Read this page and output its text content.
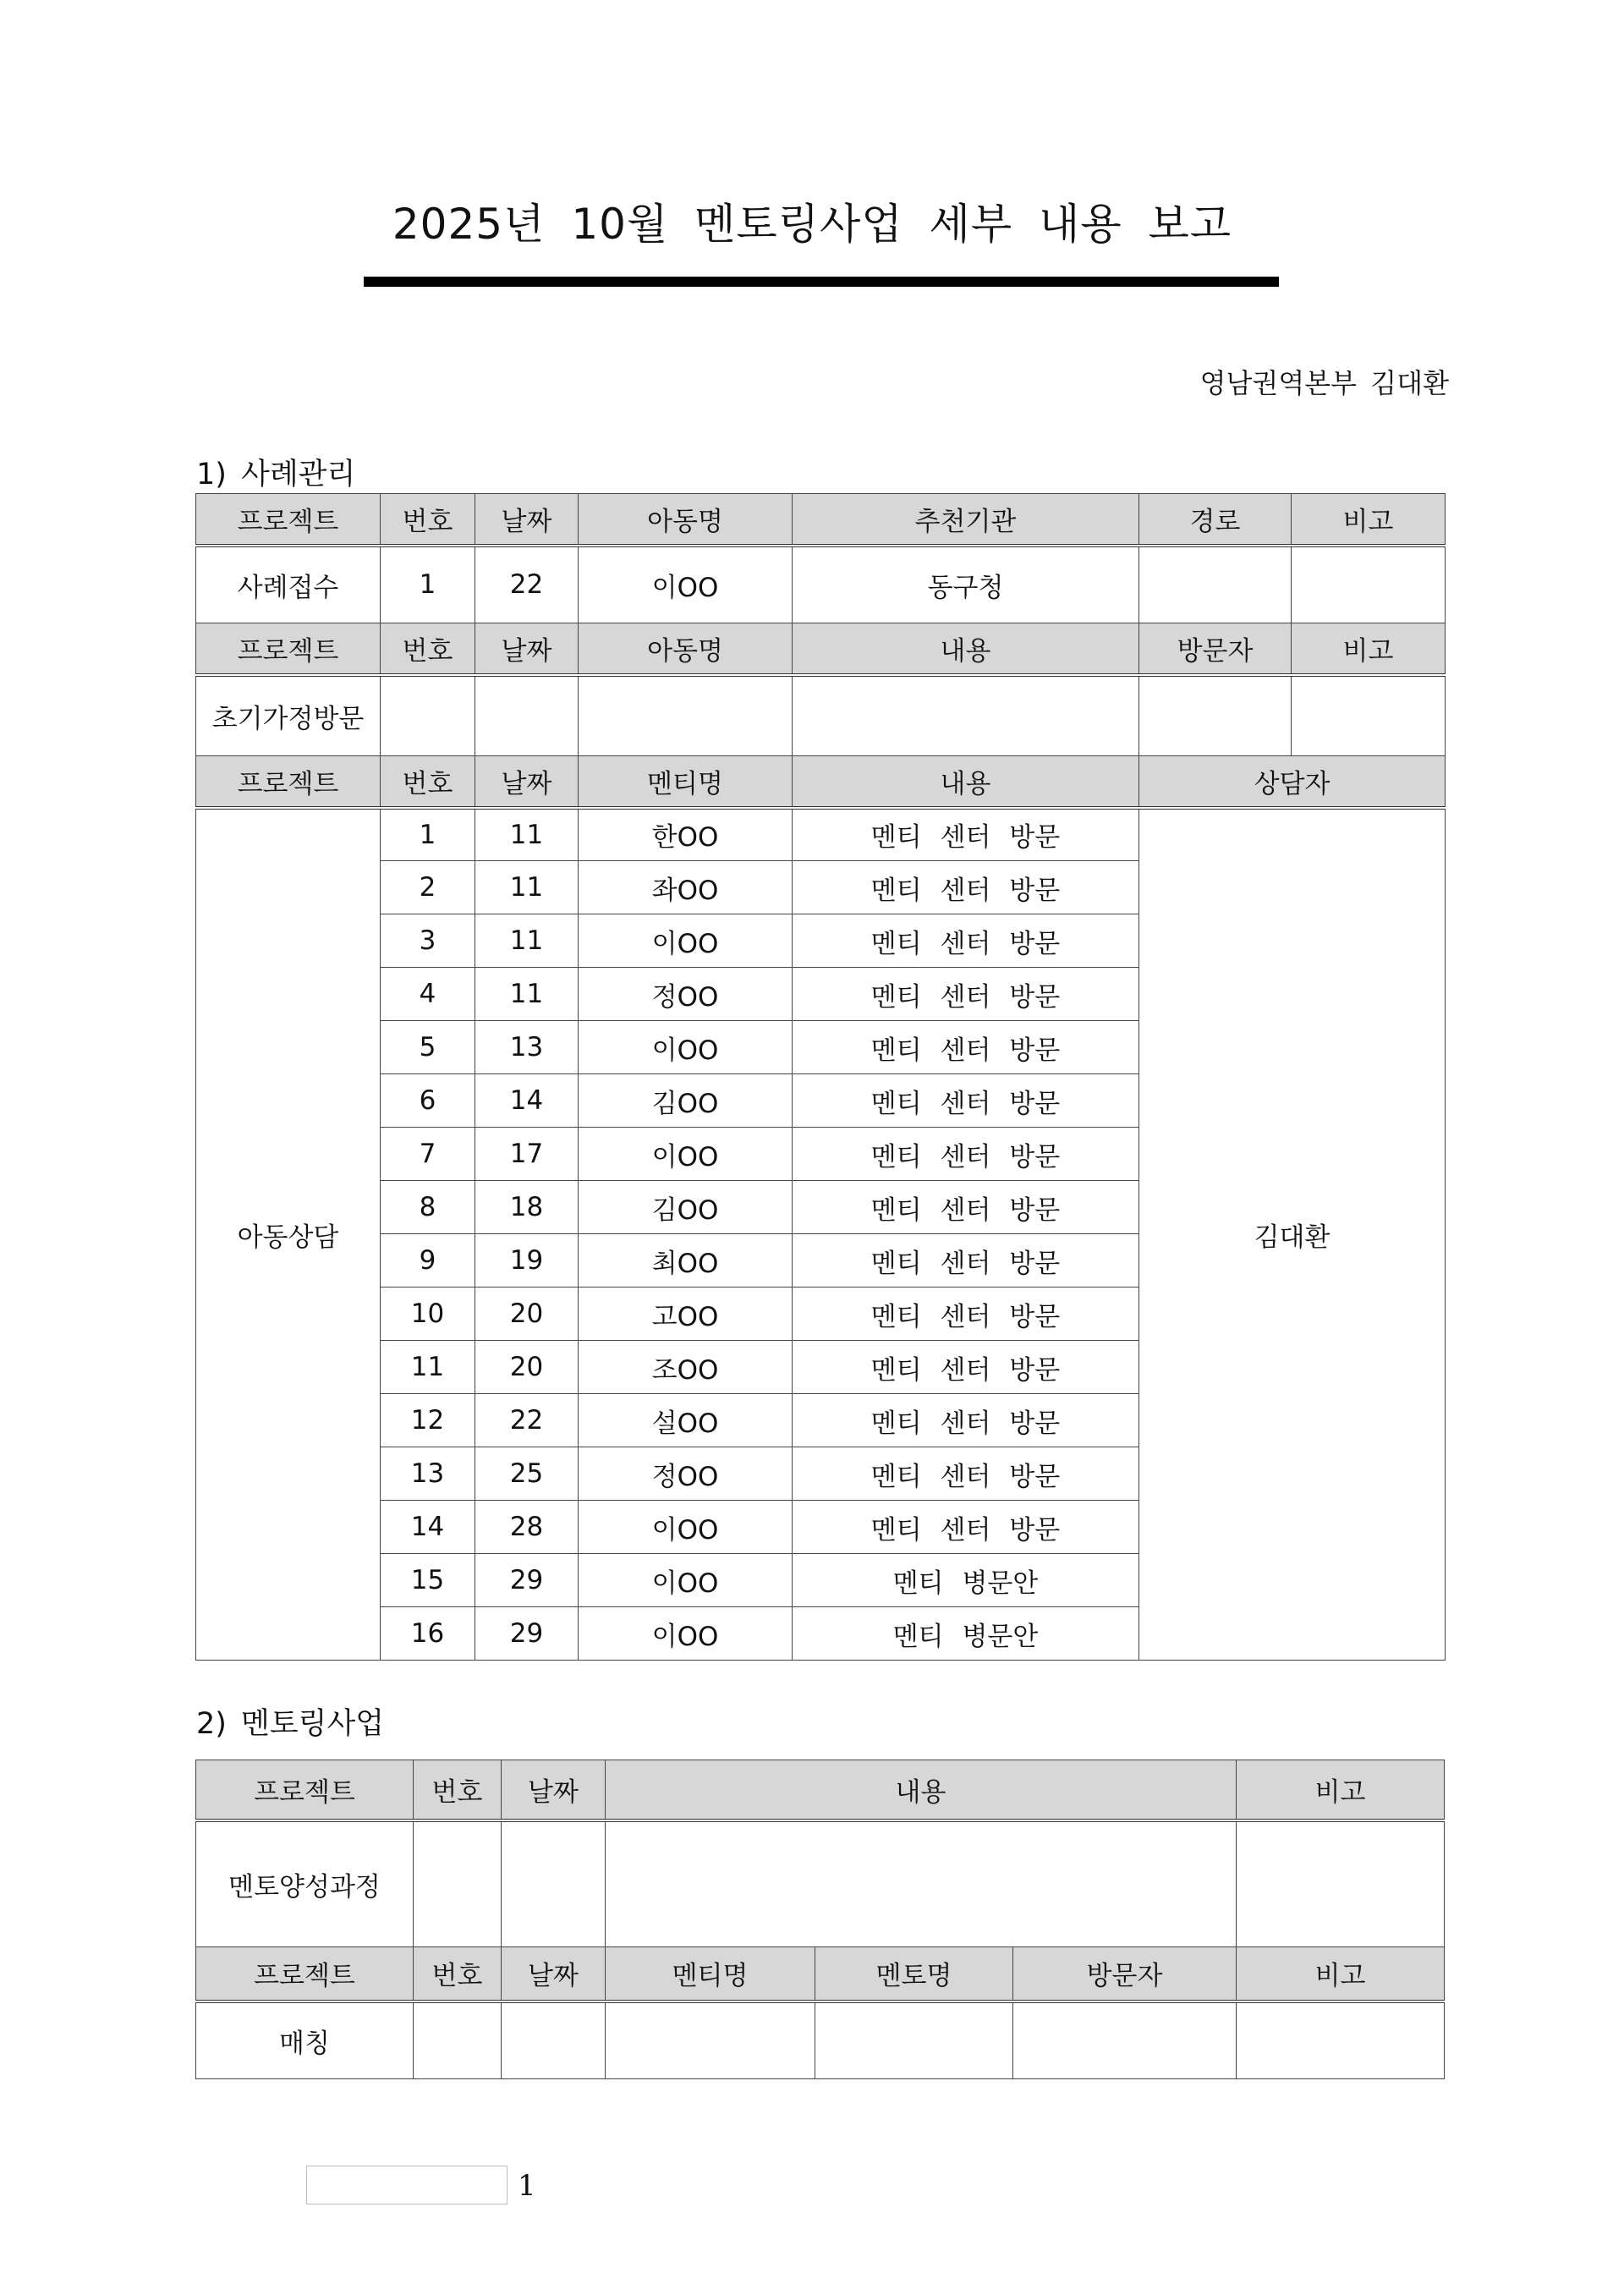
2025년 10월 멘토링사업 세부 내용 보고
영남권역본부 김대환
1) 사례관리
프로젝트	번호	날짜	아동명	추천기관	경로	비고
사례접수	1	22	이OO	동구청		
프로젝트	번호	날짜	아동명	내용	방문자	비고
초기가정방문						
프로젝트	번호	날짜	멘티명	내용	상담자	
아동상담	1	11	한OO	멘티 센터 방문	김대환	
	2	11	좌OO	멘티 센터 방문		
	3	11	이OO	멘티 센터 방문		
	4	11	정OO	멘티 센터 방문		
	5	13	이OO	멘티 센터 방문		
	6	14	김OO	멘티 센터 방문		
	7	17	이OO	멘티 센터 방문		
	8	18	김OO	멘티 센터 방문		
	9	19	최OO	멘티 센터 방문		
	10	20	고OO	멘티 센터 방문		
	11	20	조OO	멘티 센터 방문		
	12	22	설OO	멘티 센터 방문		
	13	25	정OO	멘티 센터 방문		
	14	28	이OO	멘티 센터 방문		
	15	29	이OO	멘티 병문안		
	16	29	이OO	멘티 병문안		
2) 멘토링사업
프로젝트	번호	날짜	내용			비고
멘토양성과정						
프로젝트	번호	날짜	멘티명	멘토명	방문자	비고
매칭						
1
